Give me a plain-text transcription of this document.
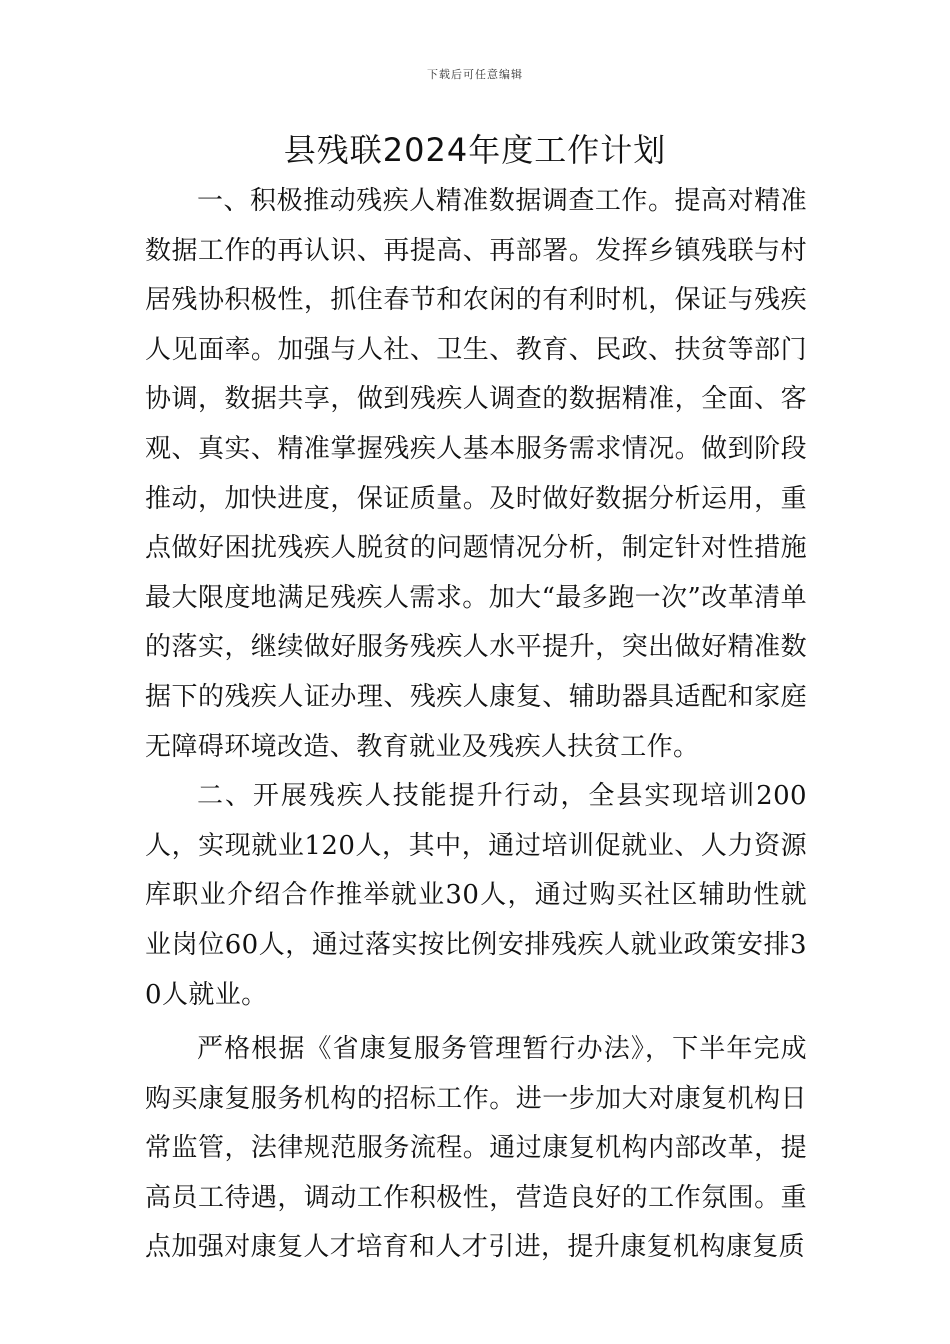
下载后可任意编辑
县残联2024年度工作计划

一、积极推动残疾人精准数据调查工作。提高对精准数据工作的再认识、再提高、再部署。发挥乡镇残联与村居残协积极性，抓住春节和农闲的有利时机，保证与残疾人见面率。加强与人社、卫生、教育、民政、扶贫等部门协调，数据共享，做到残疾人调查的数据精准，全面、客观、真实、精准掌握残疾人基本服务需求情况。做到阶段推动，加快进度，保证质量。及时做好数据分析运用，重点做好困扰残疾人脱贫的问题情况分析，制定针对性措施最大限度地满足残疾人需求。加大“最多跑一次”改革清单的落实，继续做好服务残疾人水平提升，突出做好精准数据下的残疾人证办理、残疾人康复、辅助器具适配和家庭无障碍环境改造、教育就业及残疾人扶贫工作。

二、开展残疾人技能提升行动，全县实现培训200人，实现就业120人，其中，通过培训促就业、人力资源库职业介绍合作推举就业30人，通过购买社区辅助性就业岗位60人，通过落实按比例安排残疾人就业政策安排30人就业。

严格根据《省康复服务管理暂行办法》，下半年完成购买康复服务机构的招标工作。进一步加大对康复机构日常监管，法律规范服务流程。通过康复机构内部改革，提高员工待遇，调动工作积极性，营造良好的工作氛围。重点加强对康复人才培育和人才引进，提升康复机构康复质
